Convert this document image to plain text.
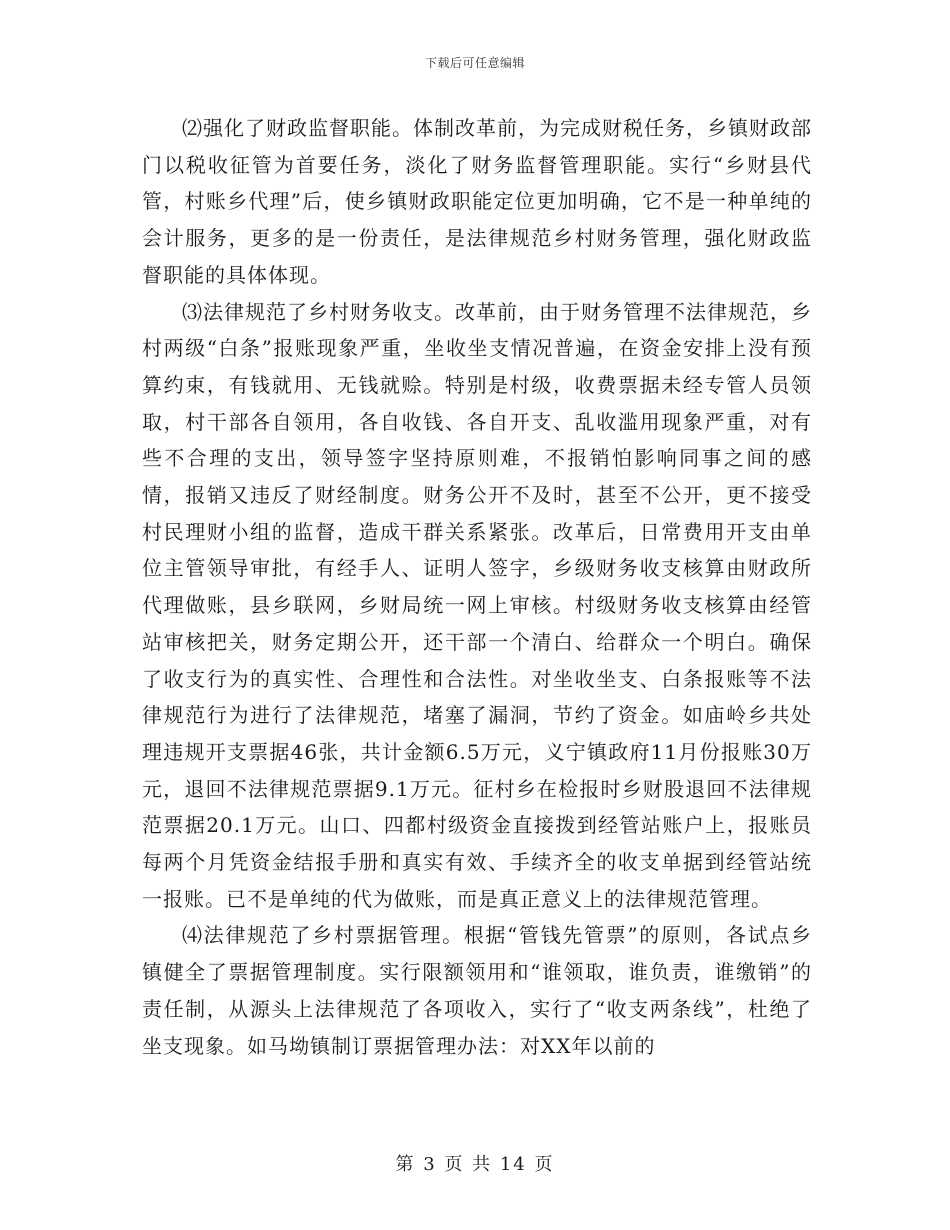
下载后可任意编辑

⑵强化了财政监督职能。体制改革前，为完成财税任务，乡镇财政部门以税收征管为首要任务，淡化了财务监督管理职能。实行“乡财县代管，村账乡代理”后，使乡镇财政职能定位更加明确，它不是一种单纯的会计服务，更多的是一份责任，是法律规范乡村财务管理，强化财政监督职能的具体体现。

⑶法律规范了乡村财务收支。改革前，由于财务管理不法律规范，乡村两级“白条”报账现象严重，坐收坐支情况普遍，在资金安排上没有预算约束，有钱就用、无钱就赊。特别是村级，收费票据未经专管人员领取，村干部各自领用，各自收钱、各自开支、乱收滥用现象严重，对有些不合理的支出，领导签字坚持原则难，不报销怕影响同事之间的感情，报销又违反了财经制度。财务公开不及时，甚至不公开，更不接受村民理财小组的监督，造成干群关系紧张。改革后，日常费用开支由单位主管领导审批，有经手人、证明人签字，乡级财务收支核算由财政所代理做账，县乡联网，乡财局统一网上审核。村级财务收支核算由经管站审核把关，财务定期公开，还干部一个清白、给群众一个明白。确保了收支行为的真实性、合理性和合法性。对坐收坐支、白条报账等不法律规范行为进行了法律规范，堵塞了漏洞，节约了资金。如庙岭乡共处理违规开支票据46张，共计金额6.5万元，义宁镇政府11月份报账30万元，退回不法律规范票据9.1万元。征村乡在检报时乡财股退回不法律规范票据20.1万元。山口、四都村级资金直接拨到经管站账户上，报账员每两个月凭资金结报手册和真实有效、手续齐全的收支单据到经管站统一报账。已不是单纯的代为做账，而是真正意义上的法律规范管理。

⑷法律规范了乡村票据管理。根据“管钱先管票”的原则，各试点乡镇健全了票据管理制度。实行限额领用和“谁领取，谁负责，谁缴销”的责任制，从源头上法律规范了各项收入，实行了“收支两条线”，杜绝了坐支现象。如马坳镇制订票据管理办法：对XX年以前的

第 3 页 共 14 页
